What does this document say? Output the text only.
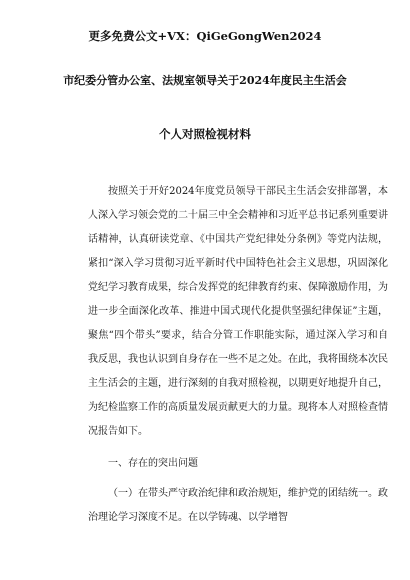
更多免费公文+VX：QiGeGongWen2024
市纪委分管办公室、法规室领导关于2024年度民主生活会
个人对照检视材料

按照关于开好2024年度党员领导干部民主生活会安排部署，本人深入学习领会党的二十届三中全会精神和习近平总书记系列重要讲话精神，认真研读党章、《中国共产党纪律处分条例》等党内法规，紧扣“深入学习贯彻习近平新时代中国特色社会主义思想，巩固深化党纪学习教育成果，综合发挥党的纪律教育约束、保障激励作用，为进一步全面深化改革、推进中国式现代化提供坚强纪律保证”主题，聚焦“四个带头”要求，结合分管工作职能实际，通过深入学习和自我反思，我也认识到自身存在一些不足之处。在此，我将围绕本次民主生活会的主题，进行深刻的自我对照检视，以期更好地提升自己，为纪检监察工作的高质量发展贡献更大的力量。现将本人对照检查情况报告如下。

一、存在的突出问题

（一）在带头严守政治纪律和政治规矩，维护党的团结统一。政治理论学习深度不足。在以学铸魂、以学增智
